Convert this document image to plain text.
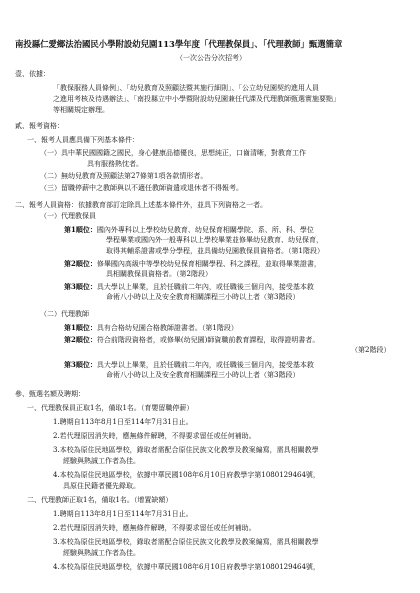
南投縣仁愛鄉法治國民小學附設幼兒園113學年度「代理教保員」、「代理教師」甄選簡章
（一次公告分次招考）
壹、依據：
「教保服務人員條例」、「幼兒教育及照顧法暨其施行細則」、「公立幼兒園契約進用人員
之進用考核及待遇辦法」、「南投縣立中小學暨附設幼兒園兼任代課及代理教師甄選實施要點」
等相關規定辦理。
貳、報考資格：
一、報考人員應具備下列基本條件：
（一）具中華民國國籍之國民，身心健康品德優良，思想純正，口齒清晰，對教育工作
具有服務熱忱者。
（二）無幼兒教育及照顧法第27條第1項各款情形者。
（三）留職停薪中之教師與以不適任教師資遣或退休者不得報考。
二、報考人員資格：依據教育部訂定除具上述基本條件外，並具下列資格之一者。
（一）代理教保員
第1順位：國內外專科以上學校幼兒教育、幼兒保育相關學院、系、所、科、學位
學程畢業或國內外一般專科以上學校畢業並修畢幼兒教育、幼兒保育，
取得其輔系證書或學分學程，並具備幼兒園教保員資格者。（第1階段）
第2順位：修畢國內高級中等學校幼兒保育相關學程、科之課程，並取得畢業證書，
具相關教保員資格者。（第2階段）
第3順位：具大學以上畢業，且於任職前二年內，或任職後三個月內，接受基本救
命術八小時以上及安全教育相關課程三小時以上者（第3階段）
（二）代理教師
第1順位：具有合格幼兒園合格教師證書者。（第1階段）
第2順位：符合前階段資格者，或修畢(幼兒園)師資職前教育課程，取得證明書者。
（第2階段）
第3順位：具大學以上畢業，且於任職前二年內，或任職後三個月內，接受基本救
命術八小時以上及安全教育相關課程三小時以上者（第3階段）
參、甄選名額及聘期：
一、代理教保員正取1名，備取1名。（育嬰留職停薪）
1.聘期自113年8月1日至114年7月31日止。
2.若代理原因消失時，應無條件解聘，不得要求留任或任何補助。
3.本校為原住民地區學校，錄取者需配合原住民族文化教學及教案編寫，需具相關教學
經驗與熱誠工作者為佳。
4.本校為原住民地區學校，依據中華民國108年6月10日府教學字第1080129464號，
具原住民籍者優先錄取。
二、代理教師正取1名，備取1名。（增置缺額）
1.聘期自113年8月1日至114年7月31日止。
2.若代理原因消失時，應無條件解聘，不得要求留任或任何補助。
3.本校為原住民地區學校，錄取者需配合原住民族文化教學及教案編寫，需具相關教學
經驗與熱誠工作者為佳。
4.本校為原住民地區學校，依據中華民國108年6月10日府教學字第1080129464號，
